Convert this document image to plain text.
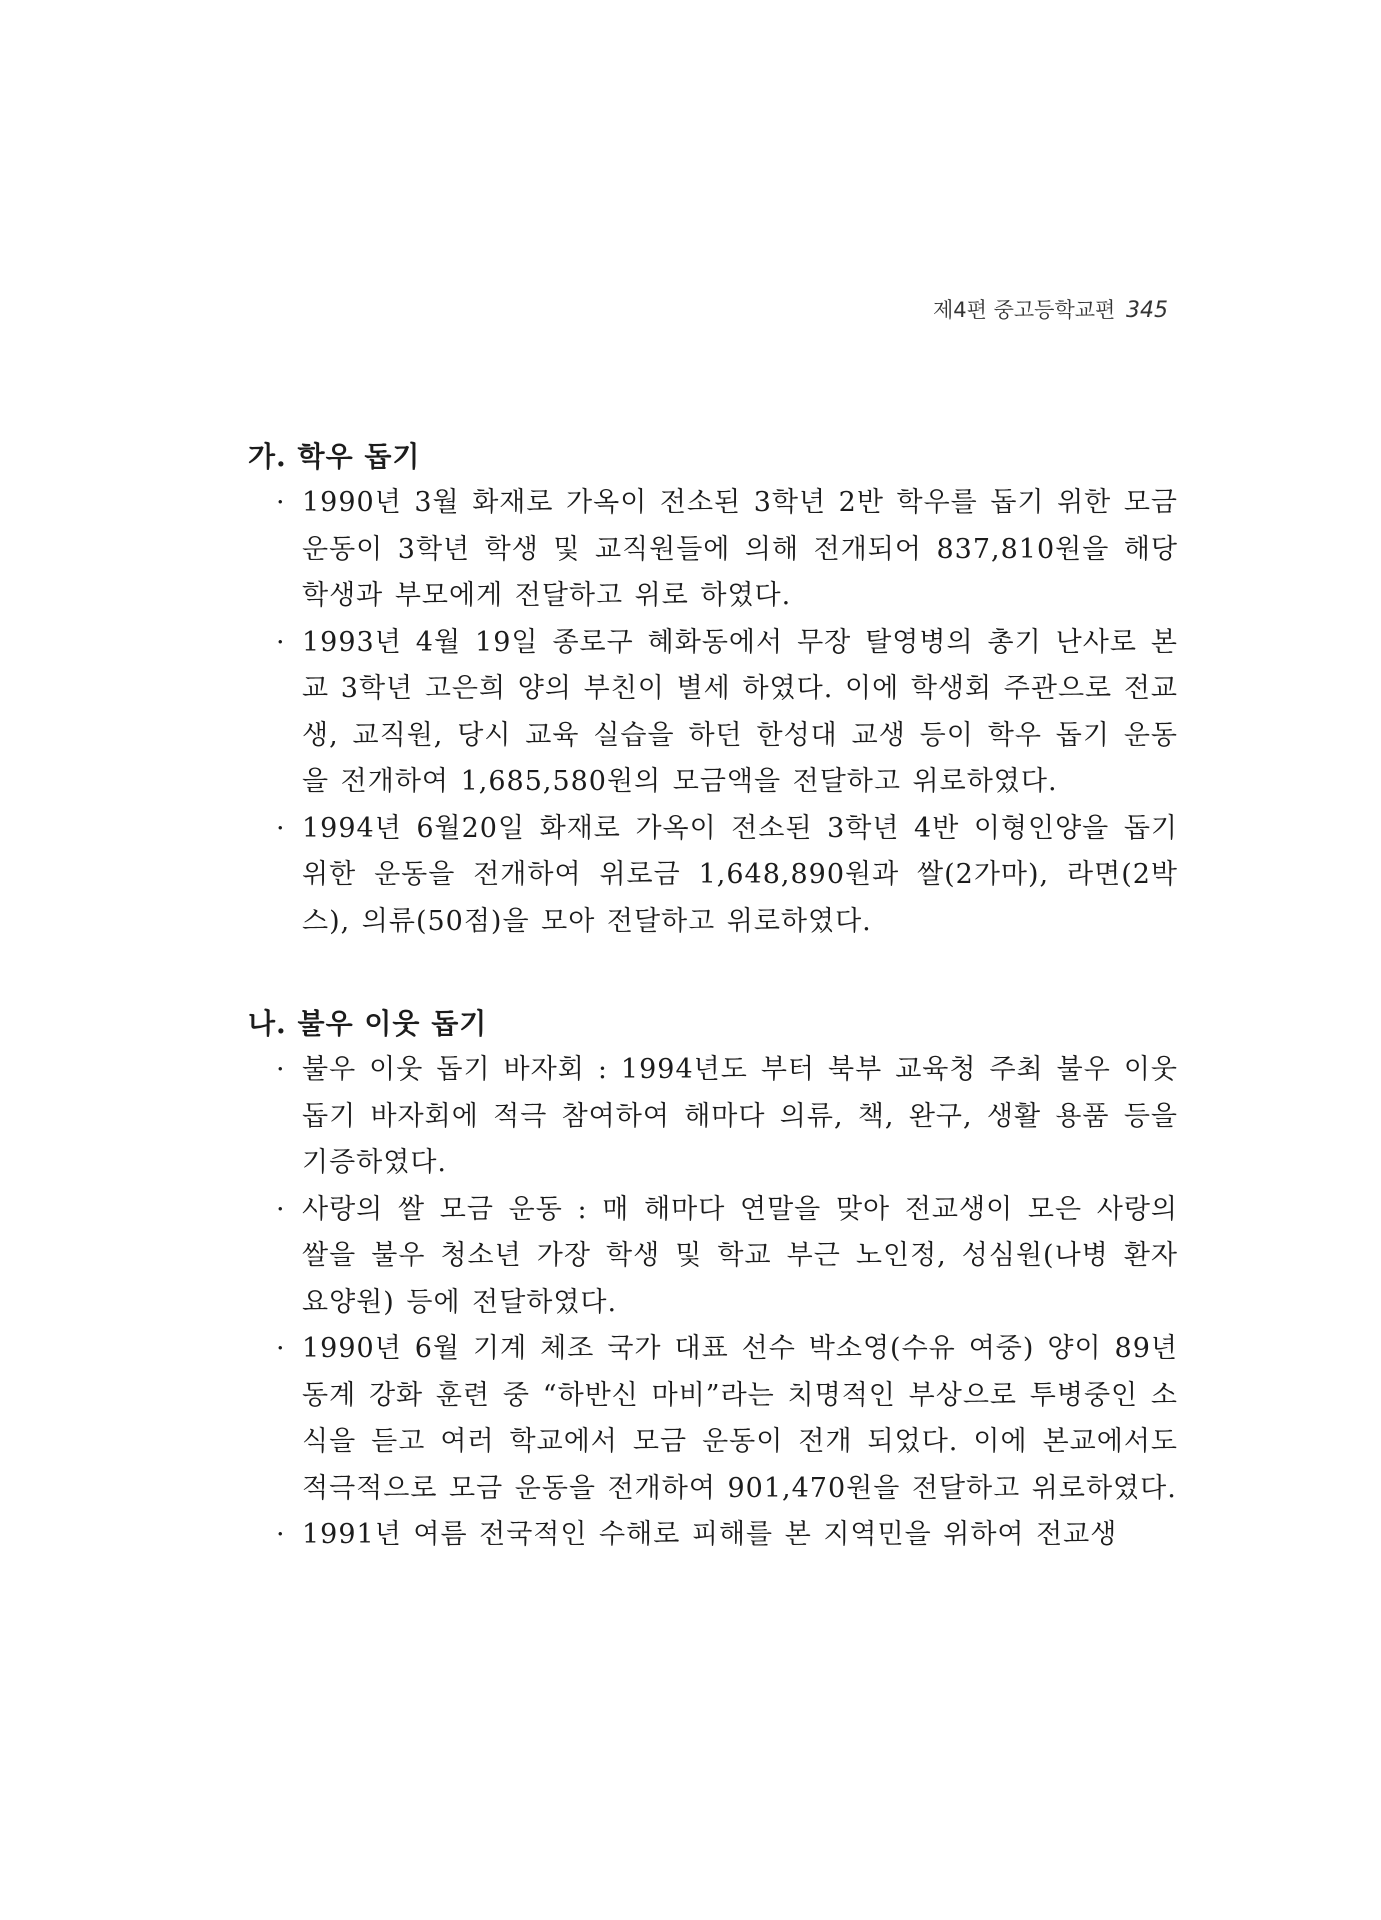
제4편 중고등학교편 345
가. 학우 돕기

· 1990년 3월 화재로 가옥이 전소된 3학년 2반 학우를 돕기 위한 모금 운동이 3학년 학생 및 교직원들에 의해 전개되어 837,810원을 해당 학생과 부모에게 전달하고 위로 하였다.

· 1993년 4월 19일 종로구 혜화동에서 무장 탈영병의 총기 난사로 본교 3학년 고은희 양의 부친이 별세 하였다. 이에 학생회 주관으로 전교생, 교직원, 당시 교육 실습을 하던 한성대 교생 등이 학우 돕기 운동을 전개하여 1,685,580원의 모금액을 전달하고 위로하였다.

· 1994년 6월20일 화재로 가옥이 전소된 3학년 4반 이형인양을 돕기 위한 운동을 전개하여 위로금 1,648,890원과 쌀(2가마), 라면(2박스), 의류(50점)을 모아 전달하고 위로하였다.

나. 불우 이웃 돕기

· 불우 이웃 돕기 바자회 : 1994년도 부터 북부 교육청 주최 불우 이웃 돕기 바자회에 적극 참여하여 해마다 의류, 책, 완구, 생활 용품 등을 기증하였다.

· 사랑의 쌀 모금 운동 : 매 해마다 연말을 맞아 전교생이 모은 사랑의 쌀을 불우 청소년 가장 학생 및 학교 부근 노인정, 성심원(나병 환자 요양원) 등에 전달하였다.

· 1990년 6월 기계 체조 국가 대표 선수 박소영(수유 여중) 양이 89년 동계 강화 훈련 중 “하반신 마비”라는 치명적인 부상으로 투병중인 소식을 듣고 여러 학교에서 모금 운동이 전개 되었다. 이에 본교에서도 적극적으로 모금 운동을 전개하여 901,470원을 전달하고 위로하였다.

· 1991년 여름 전국적인 수해로 피해를 본 지역민을 위하여 전교생
